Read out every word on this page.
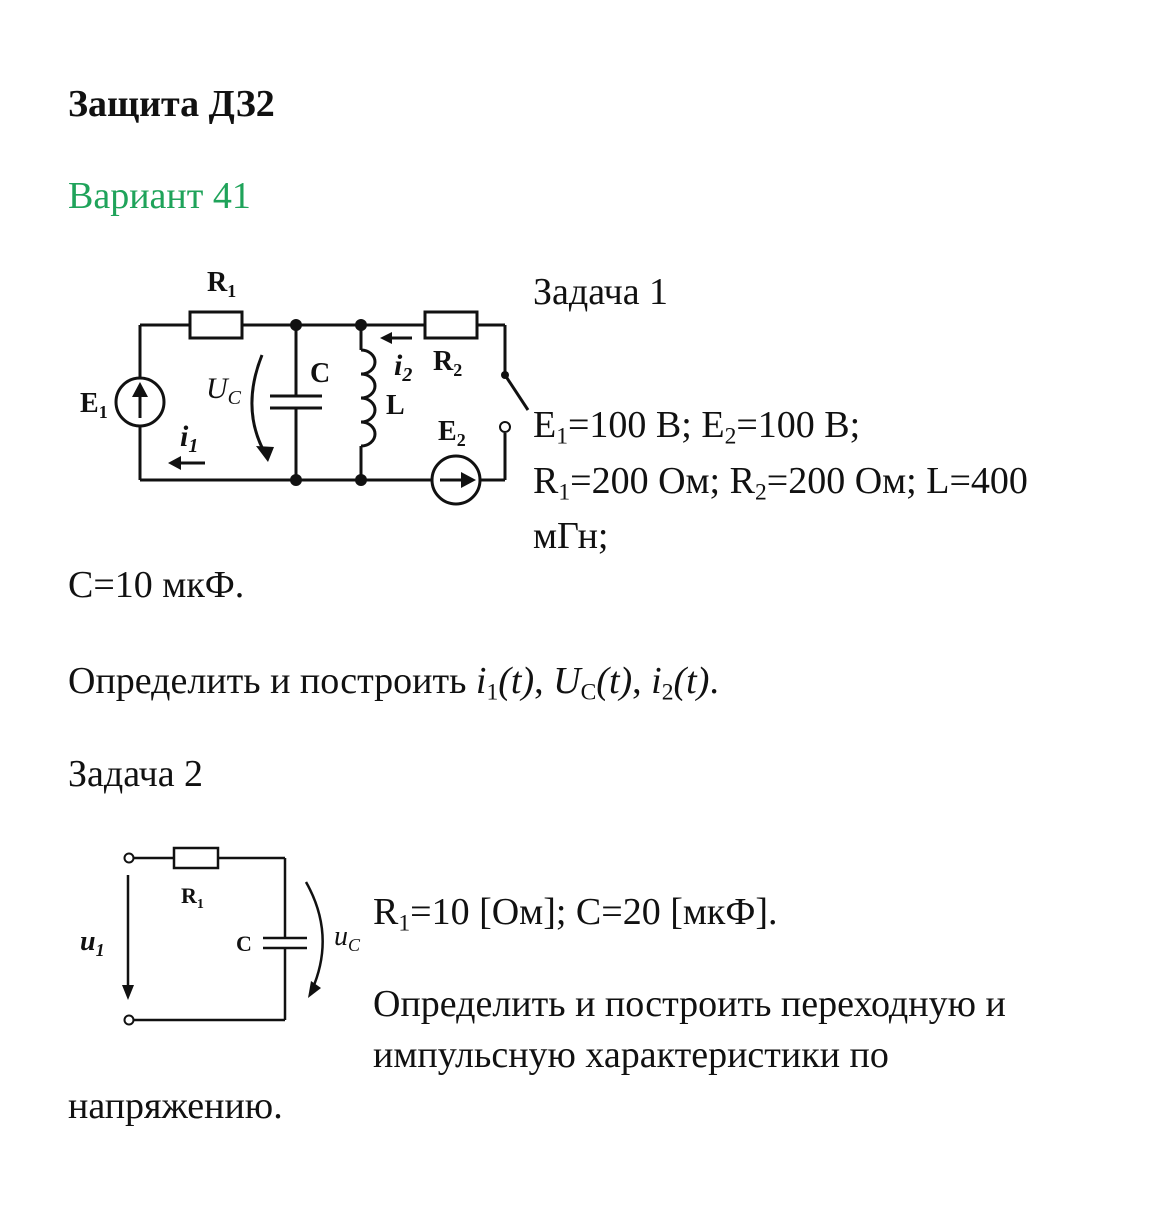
Защита ДЗ2
Вариант 41
$R_1$
$R_2$
$E_1$
$E_2$
C
L
$U_C$
$i_1$
$i_2$
Задача 1
$E_1=100$ В; $E_2=100$ В;
$R_1=200$ Ом; $R_2=200$ Ом; L=400
мГн;
С=10 мкФ.
Определить и построить $i_1(t)$, $U_C(t)$, $i_2(t)$.
Задача 2
$R_1$
C
$u_1$	$u_C$
$R_1=10$ [Ом]; С=20 [мкФ].
Определить и построить переходную и
импульсную характеристики по
напряжению.
